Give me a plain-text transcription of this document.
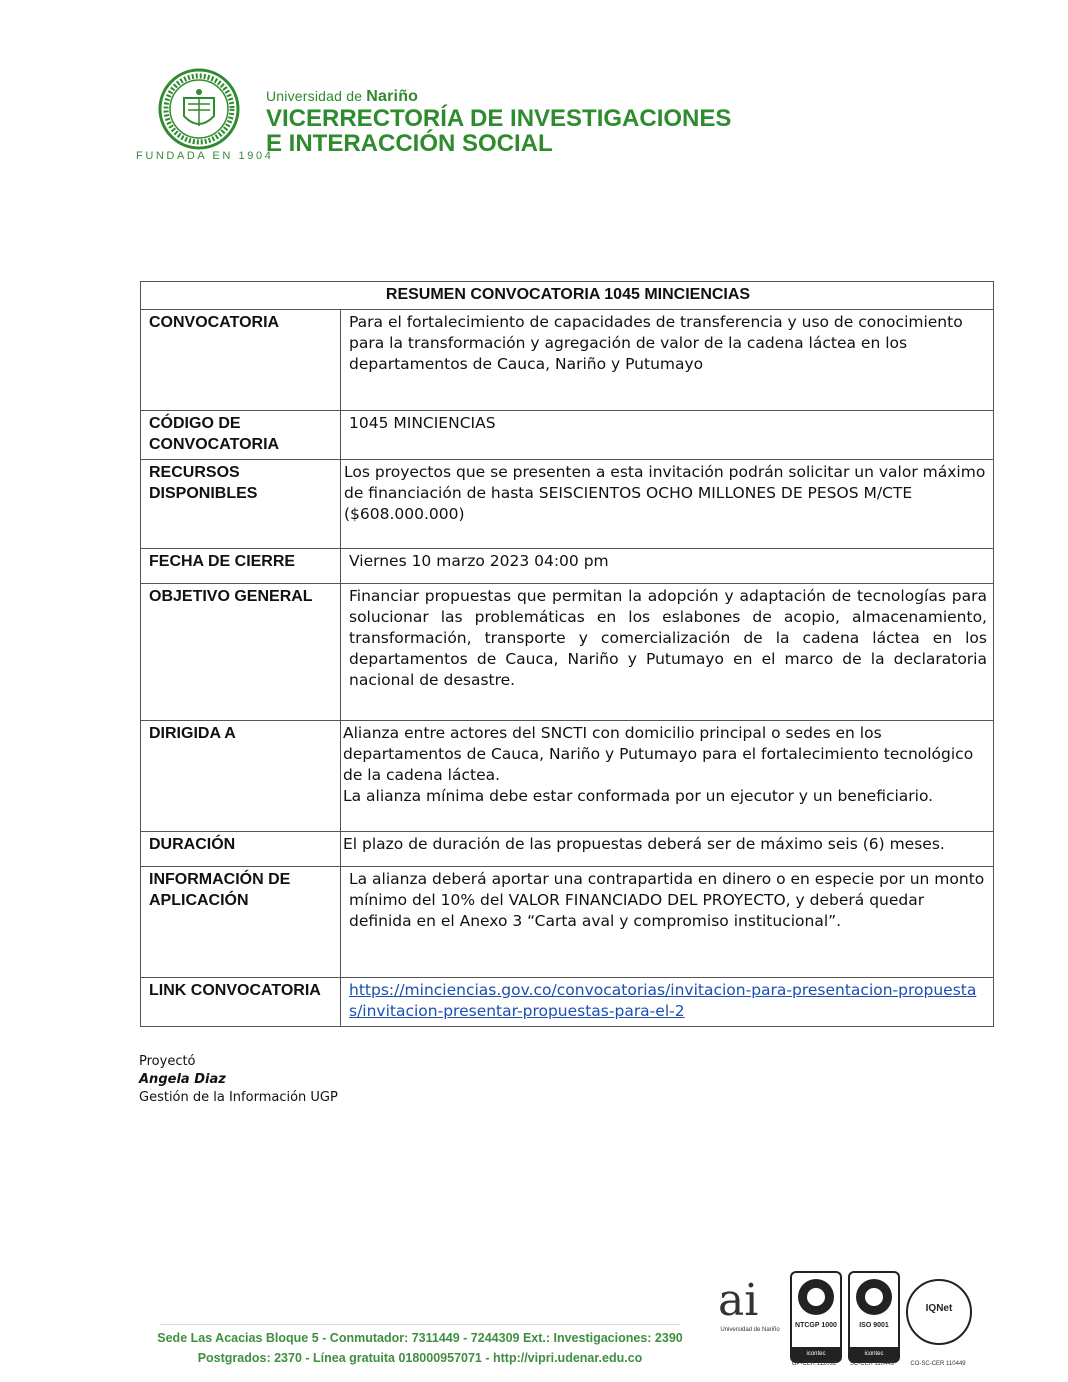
FUNDADA EN 1904
Universidad de Nariño
VICERRECTORÍA DE INVESTIGACIONES
E INTERACCIÓN SOCIAL
RESUMEN CONVOCATORIA 1045 MINCIENCIAS	
CONVOCATORIA	Para el fortalecimiento de capacidades de transferencia y uso de conocimiento para la transformación y agregación de valor de la cadena láctea en los departamentos de Cauca, Nariño y Putumayo
CÓDIGO DE CONVOCATORIA	1045 MINCIENCIAS
RECURSOS DISPONIBLES	Los proyectos que se presenten a esta invitación podrán solicitar un valor máximo de financiación de hasta SEISCIENTOS OCHO MILLONES DE PESOS M/CTE ($608.000.000)
FECHA DE CIERRE	Viernes 10 marzo 2023 04:00 pm
OBJETIVO GENERAL	Financiar propuestas que permitan la adopción y adaptación de tecnologías para solucionar las problemáticas en los eslabones de acopio, almacenamiento, transformación, transporte y comercialización de la cadena láctea en los departamentos de Cauca, Nariño y Putumayo en el marco de la declaratoria nacional de desastre.
DIRIGIDA A	Alianza entre actores del SNCTI con domicilio principal o sedes en los departamentos de Cauca, Nariño y Putumayo para el fortalecimiento tecnológico de la cadena láctea.
La alianza mínima debe estar conformada por un ejecutor y un beneficiario.
DURACIÓN	El plazo de duración de las propuestas deberá ser de máximo seis (6) meses.
INFORMACIÓN DE APLICACIÓN	La alianza deberá aportar una contrapartida en dinero o en especie por un monto mínimo del 10% del VALOR FINANCIADO DEL PROYECTO, y deberá quedar definida en el Anexo 3 “Carta aval y compromiso institucional”.
LINK CONVOCATORIA	https://minciencias.gov.co/convocatorias/invitacion-para-presentacion-propuestas/invitacion-presentar-propuestas-para-el-2
Proyectó
Angela Diaz
Gestión de la Información UGP
Sede Las Acacias Bloque 5 - Conmutador: 7311449 - 7244309 Ext.: Investigaciones: 2390
Postgrados: 2370 - Línea gratuita 018000957071 - http://vipri.udenar.edu.co
ai
Universidad de Nariño
NTCGP 1000
icontec
GP-CER 112092
ISO 9001
icontec
SC-CER 110449
IQNet
CO-SC-CER 110449
